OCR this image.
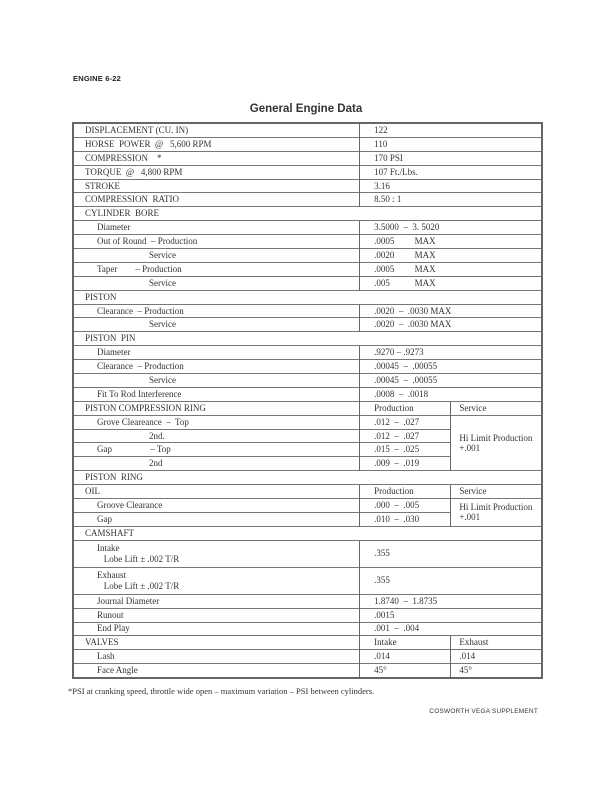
ENGINE 6-22
General Engine Data
DISPLACEMENT (CU. IN)	122	
HORSE  POWER  @   5,600 RPM	110	
COMPRESSION    *	170 PSI	
TORQUE  @   4,800 RPM	107 Ft./Lbs.	
STROKE	3.16	
COMPRESSION  RATIO	8.50 : 1	
CYLINDER  BORE		
Diameter	3.5000  –  3. 5020	
Out of Round  – Production	.0005         MAX	
Service	.0020         MAX	
Taper        – Production	.0005         MAX	
Service	.005           MAX	
PISTON		
Clearance  – Production	.0020  –  .0030 MAX	
Service	.0020  –  .0030 MAX	
PISTON  PIN		
Diameter	.9270 – .9273	
Clearance  – Production	.00045  –  .00055	
Service	.00045  –  .00055	
Fit To Rod Interference	.0008  –  .0018	
PISTON COMPRESSION RING	Production	Service
Grove Cleareance  –  Top	.012  –  .027	Hi Limit Production +.001
2nd.	.012  –  .027	
Gap                 – Top	.015  –  .025	
2nd	.009  –  .019	
PISTON  RING		
OIL	Production	Service
Groove Clearance	.000  –  .005	Hi Limit Production +.001
Gap	.010  –  .030	
CAMSHAFT		
Intake
Lobe Lift ± .002 T/R	.355	
Exhaust
Lobe Lift ± .002 T/R	.355	
Journal Diameter	1.8740  –  1.8735	
Runout	.0015	
End Play	.001  –  .004	
VALVES	Intake	Exhaust
Lash	.014	.014
Face Angle	45°	45°
*PSI at cranking speed, throttle wide open – maximum variation – PSI between cylinders.
COSWORTH VEGA SUPPLEMENT
